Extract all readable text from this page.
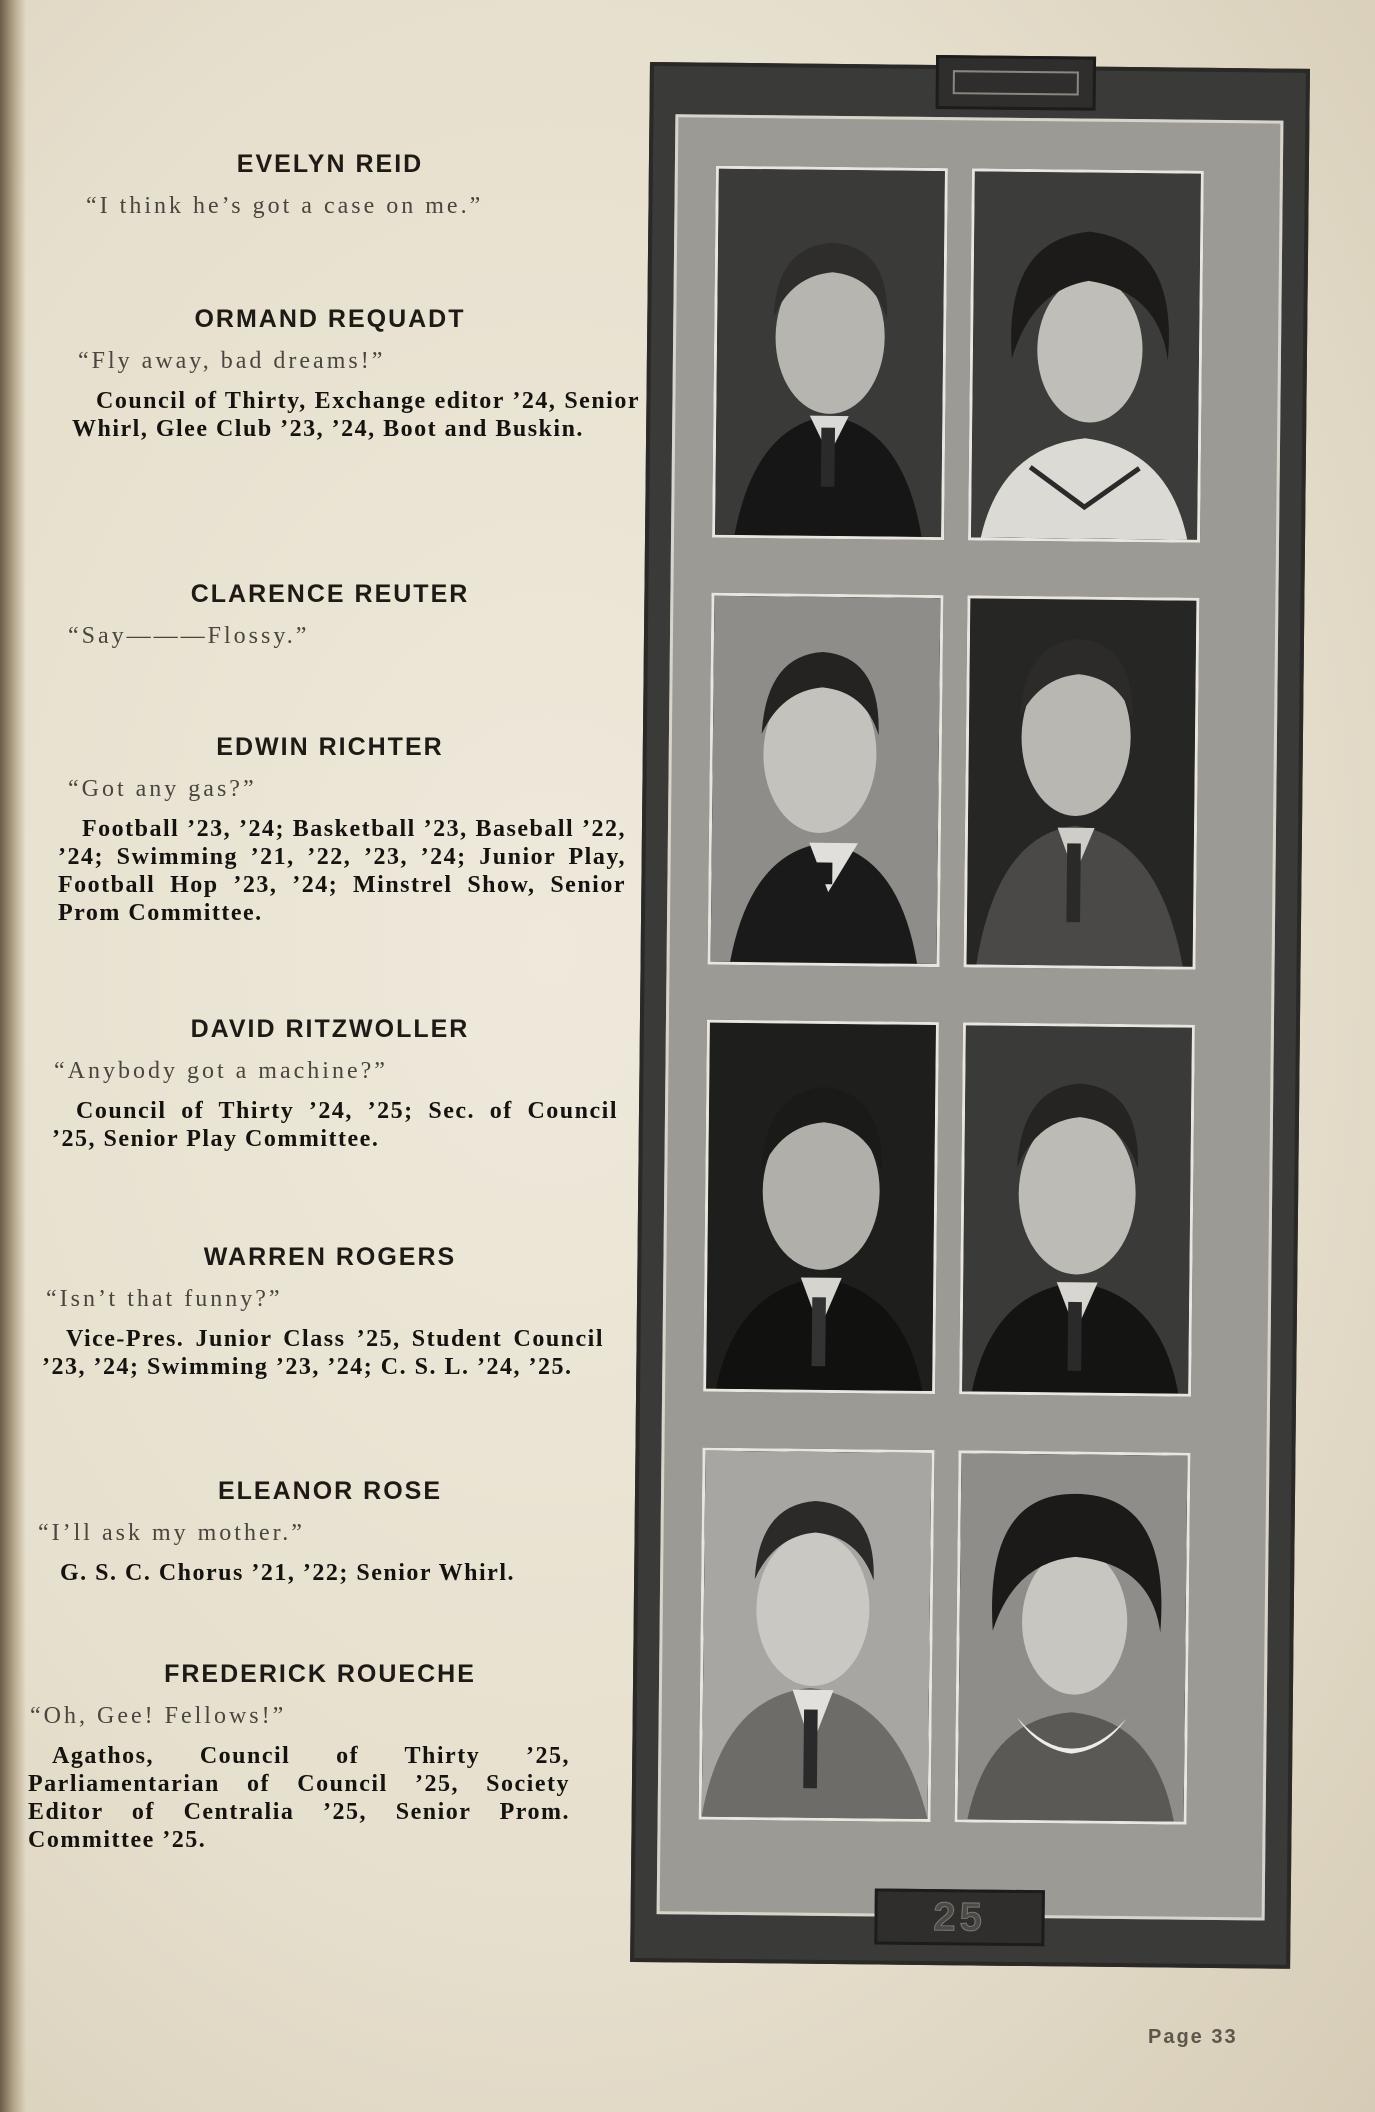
EVELYN REID
“I think he’s got a case on me.”
ORMAND REQUADT
“Fly away, bad dreams!”
Council of Thirty, Exchange editor ’24, Senior Whirl, Glee Club ’23, ’24, Boot and Buskin.
CLARENCE REUTER
“Say———Flossy.”
EDWIN RICHTER
“Got any gas?”
Football ’23, ’24; Basketball ’23, Baseball ’22, ’24; Swimming ’21, ’22, ’23, ’24; Junior Play, Football Hop ’23, ’24; Minstrel Show, Senior Prom Committee.
DAVID RITZWOLLER
“Anybody got a machine?”
Council of Thirty ’24, ’25; Sec. of Council ’25, Senior Play Committee.
WARREN ROGERS
“Isn’t that funny?”
Vice-Pres. Junior Class ’25, Student Council ’23, ’24; Swimming ’23, ’24; C. S. L. ’24, ’25.
ELEANOR ROSE
“I’ll ask my mother.”
G. S. C. Chorus ’21, ’22; Senior Whirl.
FREDERICK ROUECHE
“Oh, Gee! Fellows!”
Agathos, Council of Thirty ’25, Parliamentarian of Council ’25, Society Editor of Centralia ’25, Senior Prom. Committee ’25.
25
Page 33
